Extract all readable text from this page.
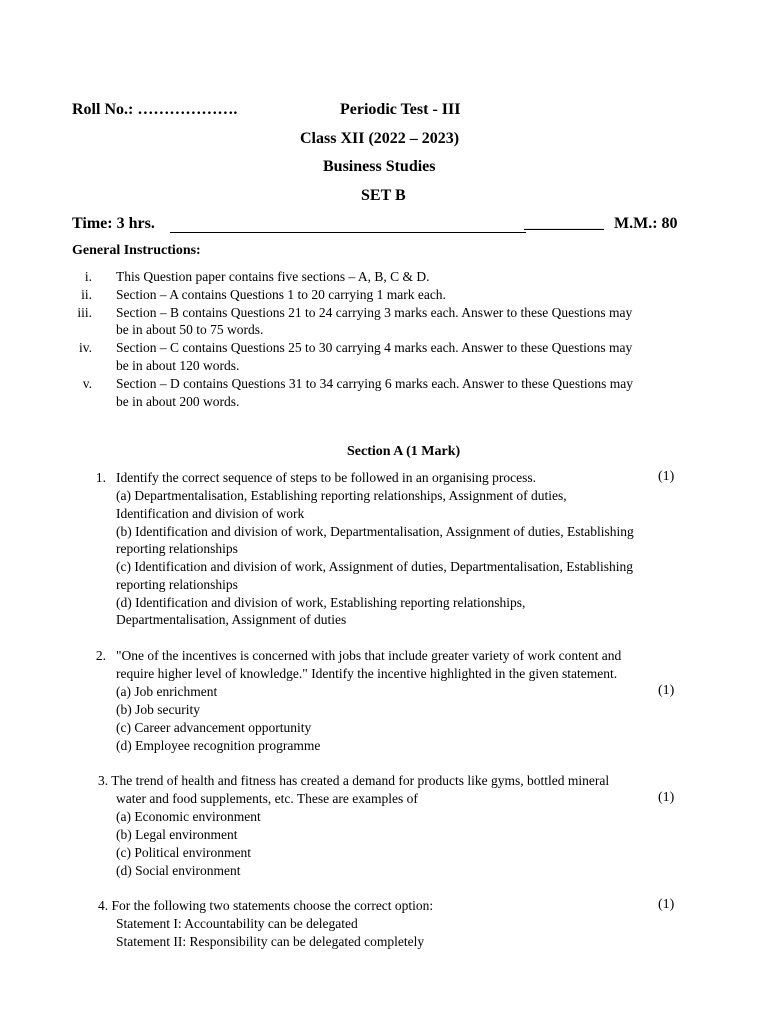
Roll No.: ……………….	Periodic Test - III
Class XII (2022 – 2023)
Business Studies
SET B
Time: 3 hrs.	__________ M.M.: 80
General Instructions:
i. This Question paper contains five sections – A, B, C & D.
ii. Section – A contains Questions 1 to 20 carrying 1 mark each.
iii. Section – B contains Questions 21 to 24 carrying 3 marks each. Answer to these Questions may
be in about 50 to 75 words.
iv. Section – C contains Questions 25 to 30 carrying 4 marks each. Answer to these Questions may
be in about 120 words.
v. Section – D contains Questions 31 to 34 carrying 6 marks each. Answer to these Questions may
be in about 200 words.
Section A (1 Mark)
1. Identify the correct sequence of steps to be followed in an organising process.	(1)
(a) Departmentalisation, Establishing reporting relationships, Assignment of duties,
Identification and division of work
(b) Identification and division of work, Departmentalisation, Assignment of duties, Establishing
reporting relationships
(c) Identification and division of work, Assignment of duties, Departmentalisation, Establishing
reporting relationships
(d) Identification and division of work, Establishing reporting relationships,
Departmentalisation, Assignment of duties
2. "One of the incentives is concerned with jobs that include greater variety of work content and
require higher level of knowledge." Identify the incentive highlighted in the given statement.
(a) Job enrichment	(1)
(b) Job security
(c) Career advancement opportunity
(d) Employee recognition programme
3. The trend of health and fitness has created a demand for products like gyms, bottled mineral
water and food supplements, etc. These are examples of	(1)
(a) Economic environment
(b) Legal environment
(c) Political environment
(d) Social environment
4. For the following two statements choose the correct option:	(1)
Statement I: Accountability can be delegated
Statement II: Responsibility can be delegated completely
